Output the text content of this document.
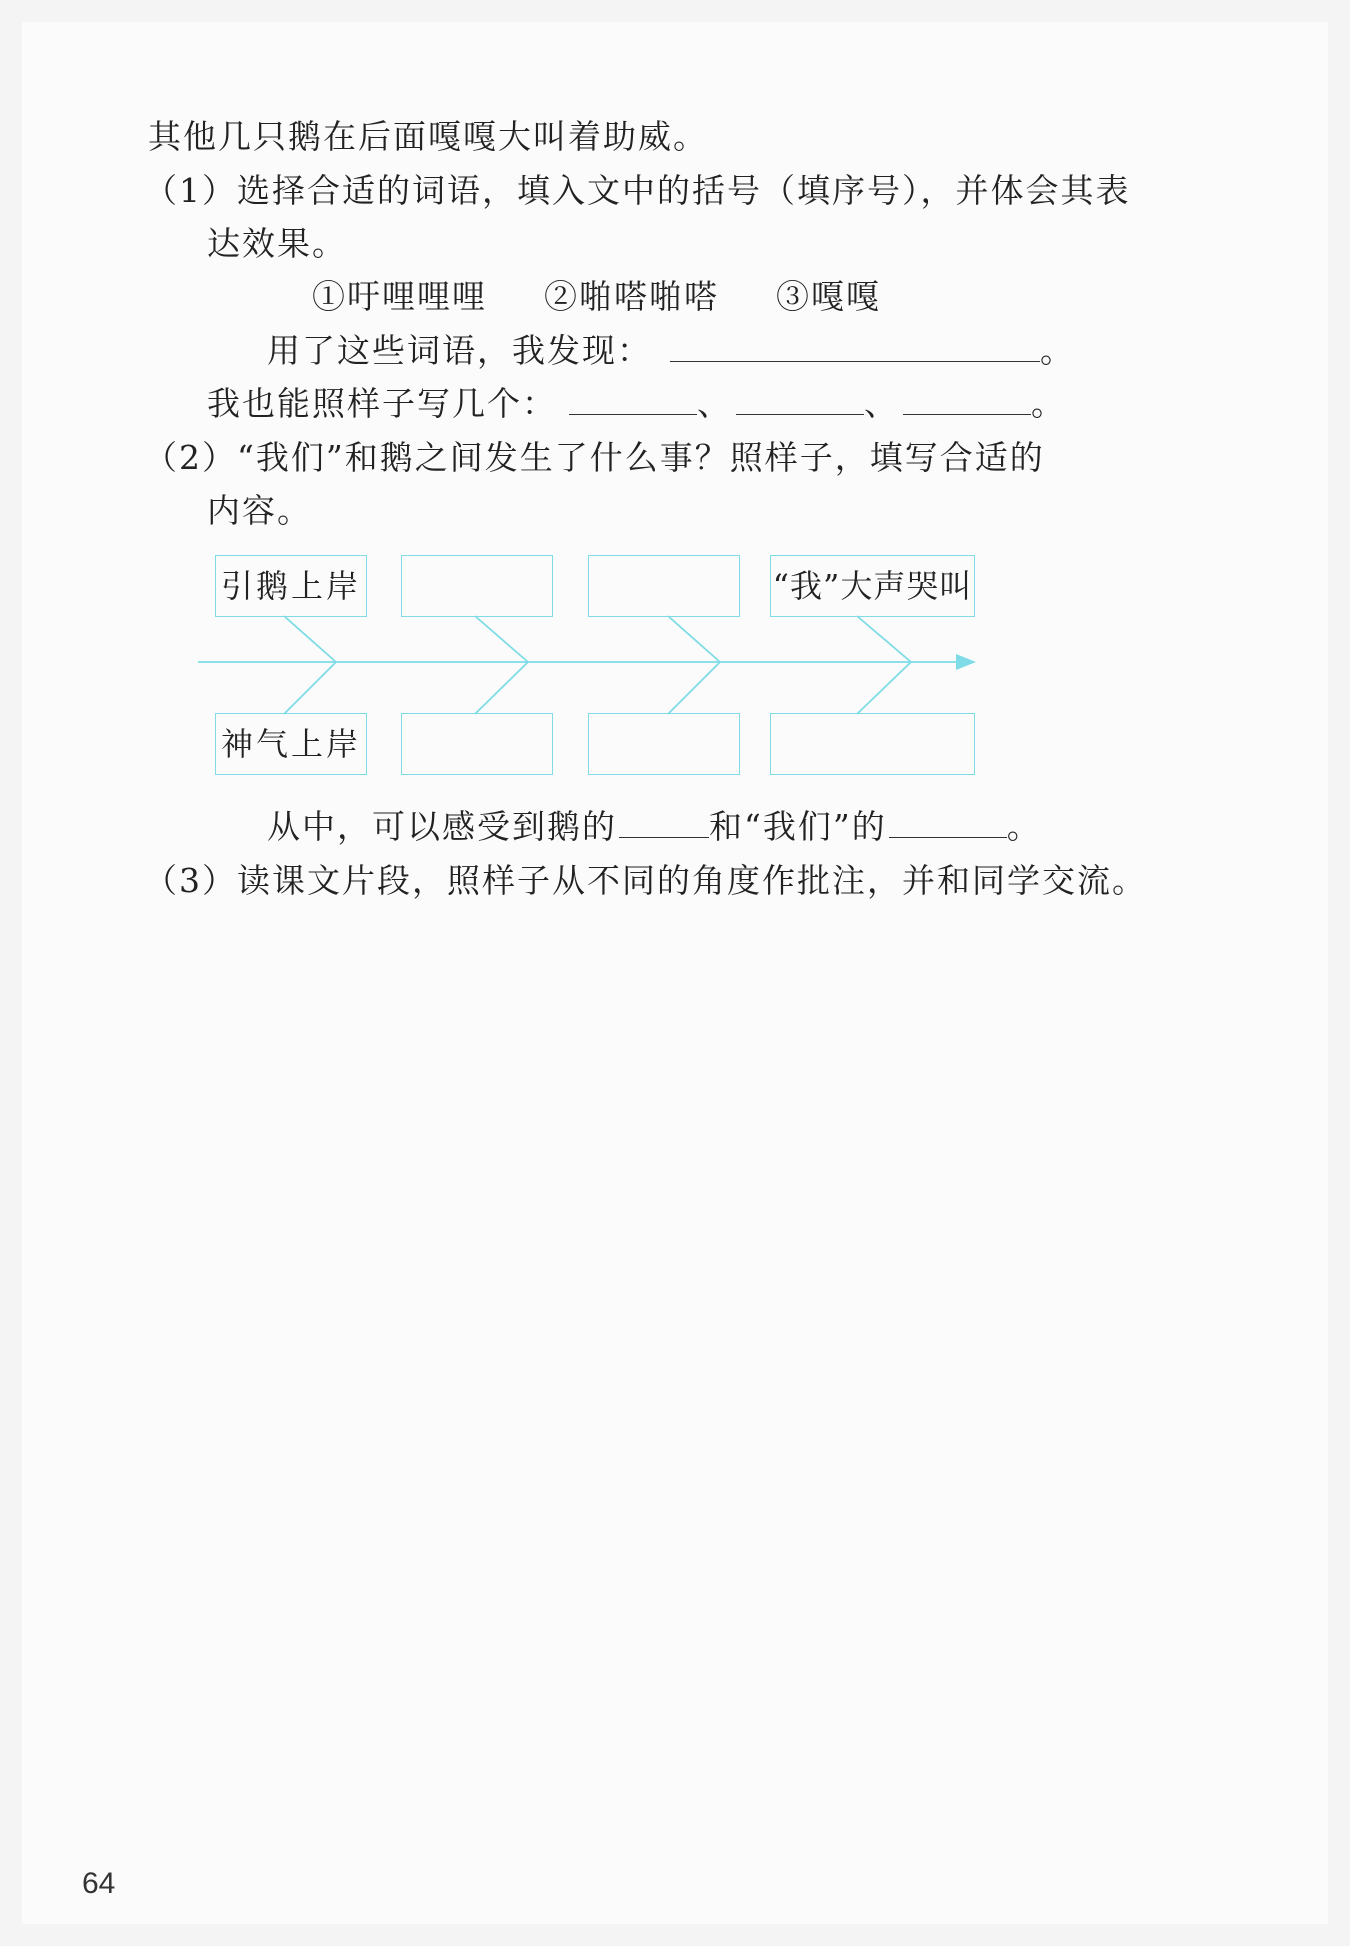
其他几只鹅在后面嘎嘎大叫着助威。
（1）选择合适的词语，填入文中的括号（填序号），并体会其表
达效果。
①吁哩哩哩 ②啪嗒啪嗒 ③嘎嘎
用了这些词语，我发现：	。
我也能照样子写几个：	、	、	。
（2）“我们”和鹅之间发生了什么事？照样子，填写合适的
内容。
引鹅上岸	“我”大声哭叫
神气上岸
从中，可以感受到鹅的	和“我们”的	。
（3）读课文片段，照样子从不同的角度作批注，并和同学交流。
64
